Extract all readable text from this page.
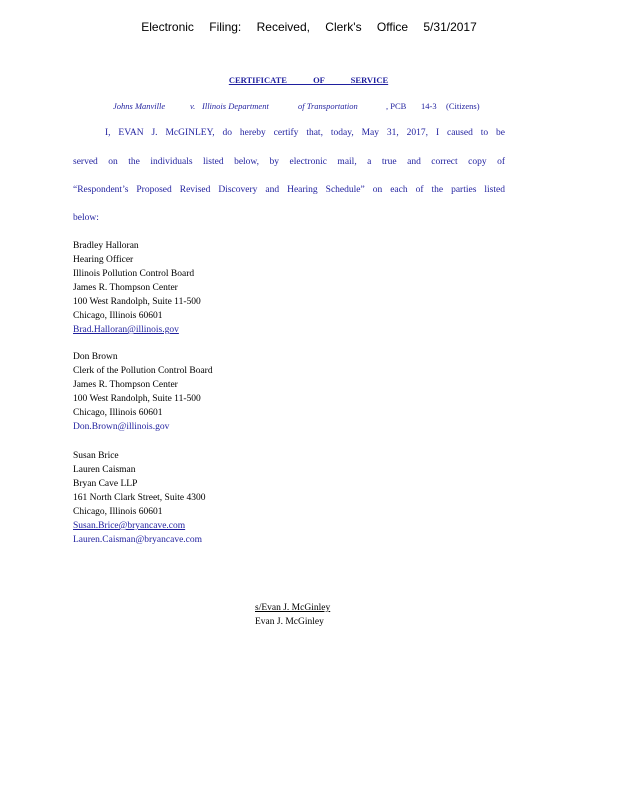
Electronic Filing: Received, Clerk's Office 5/31/2017
CERTIFICATE OF SERVICE
Johns Manville	v. Illinois Department	of Transportation	, PCB 14-3 (Citizens)
I, EVAN J. McGINLEY, do hereby certify that, today, May 31, 2017, I caused to be
served on the individuals listed below, by electronic mail, a true and correct copy of
“Respondent’s Proposed Revised Discovery and Hearing Schedule” on each of the parties listed
below:
Bradley Halloran
Hearing Officer
Illinois Pollution Control Board
James R. Thompson Center
100 West Randolph, Suite 11-500
Chicago, Illinois 60601
Brad.Halloran@illinois.gov
Don Brown
Clerk of the Pollution Control Board
James R. Thompson Center
100 West Randolph, Suite 11-500
Chicago, Illinois 60601
Don.Brown@illinois.gov
Susan Brice
Lauren Caisman
Bryan Cave LLP
161 North Clark Street, Suite 4300
Chicago, Illinois 60601
Susan.Brice@bryancave.com
Lauren.Caisman@bryancave.com
s/Evan J. McGinley
Evan J. McGinley
